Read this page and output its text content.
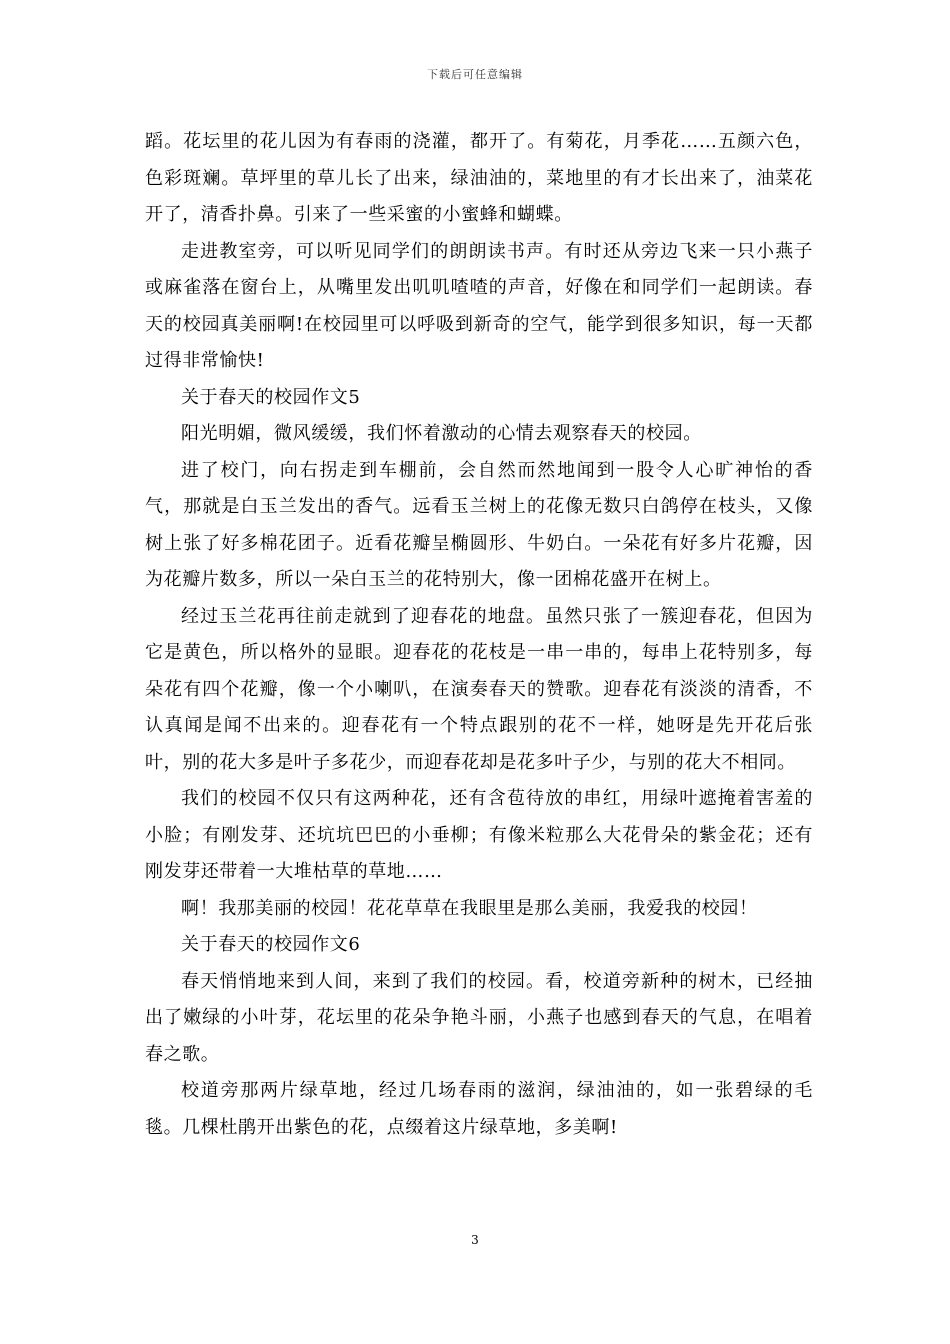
下载后可任意编辑

蹈。花坛里的花儿因为有春雨的浇灌，都开了。有菊花，月季花……五颜六色，色彩斑斓。草坪里的草儿长了出来，绿油油的，菜地里的有才长出来了，油菜花开了，清香扑鼻。引来了一些采蜜的小蜜蜂和蝴蝶。

走进教室旁，可以听见同学们的朗朗读书声。有时还从旁边飞来一只小燕子或麻雀落在窗台上，从嘴里发出叽叽喳喳的声音，好像在和同学们一起朗读。春天的校园真美丽啊!在校园里可以呼吸到新奇的空气，能学到很多知识，每一天都过得非常愉快!

关于春天的校园作文5

阳光明媚，微风缓缓，我们怀着激动的心情去观察春天的校园。

进了校门，向右拐走到车棚前，会自然而然地闻到一股令人心旷神怡的香气，那就是白玉兰发出的香气。远看玉兰树上的花像无数只白鸽停在枝头，又像树上张了好多棉花团子。近看花瓣呈椭圆形、牛奶白。一朵花有好多片花瓣，因为花瓣片数多，所以一朵白玉兰的花特别大，像一团棉花盛开在树上。

经过玉兰花再往前走就到了迎春花的地盘。虽然只张了一簇迎春花，但因为它是黄色，所以格外的显眼。迎春花的花枝是一串一串的，每串上花特别多，每朵花有四个花瓣，像一个小喇叭，在演奏春天的赞歌。迎春花有淡淡的清香，不认真闻是闻不出来的。迎春花有一个特点跟别的花不一样，她呀是先开花后张叶，别的花大多是叶子多花少，而迎春花却是花多叶子少，与别的花大不相同。

我们的校园不仅只有这两种花，还有含苞待放的串红，用绿叶遮掩着害羞的小脸；有刚发芽、还坑坑巴巴的小垂柳；有像米粒那么大花骨朵的紫金花；还有刚发芽还带着一大堆枯草的草地……

啊！我那美丽的校园！花花草草在我眼里是那么美丽，我爱我的校园！

关于春天的校园作文6

春天悄悄地来到人间，来到了我们的校园。看，校道旁新种的树木，已经抽出了嫩绿的小叶芽，花坛里的花朵争艳斗丽，小燕子也感到春天的气息，在唱着春之歌。

校道旁那两片绿草地，经过几场春雨的滋润，绿油油的，如一张碧绿的毛毯。几棵杜鹃开出紫色的花，点缀着这片绿草地，多美啊!

3
